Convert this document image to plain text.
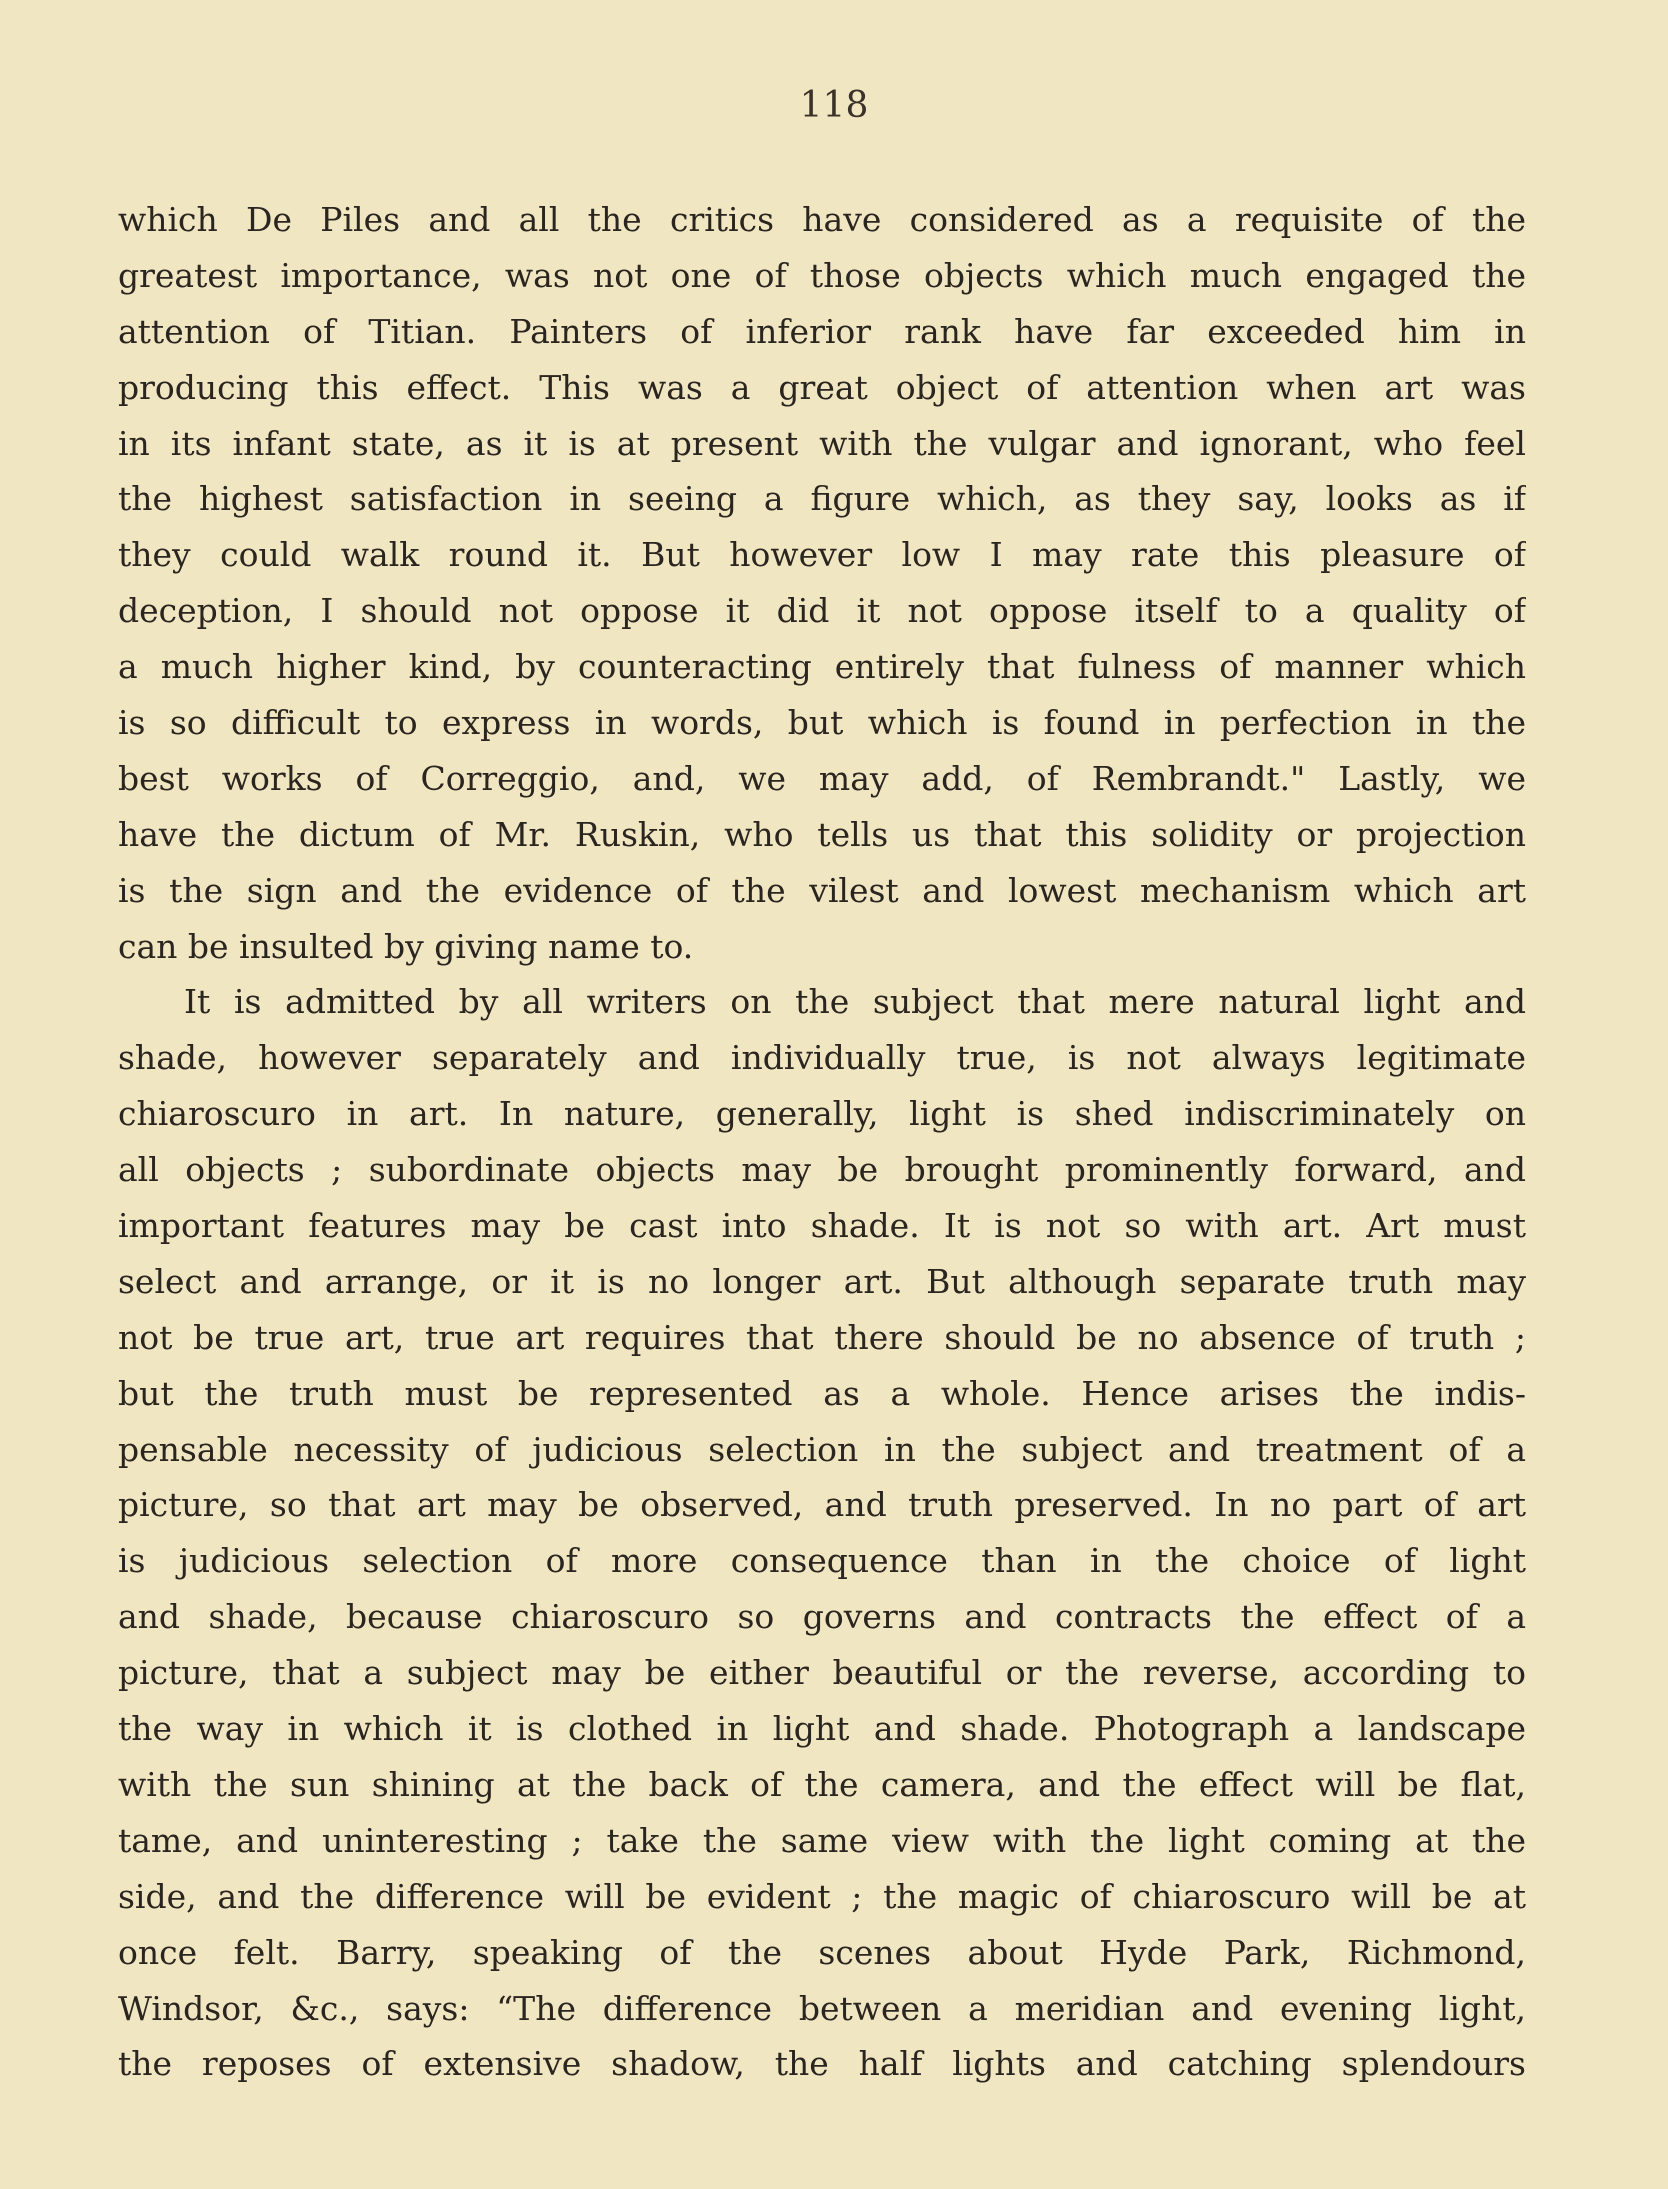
118
which De Piles and all the critics have considered as a requisite of the
greatest importance, was not one of those objects which much engaged the
attention of Titian. Painters of inferior rank have far exceeded him in
producing this effect. This was a great object of attention when art was
in its infant state, as it is at present with the vulgar and ignorant, who feel
the highest satisfaction in seeing a figure which, as they say, looks as if
they could walk round it. But however low I may rate this pleasure of
deception, I should not oppose it did it not oppose itself to a quality of
a much higher kind, by counteracting entirely that fulness of manner which
is so difficult to express in words, but which is found in perfection in the
best works of Correggio, and, we may add, of Rembrandt." Lastly, we
have the dictum of Mr. Ruskin, who tells us that this solidity or projection
is the sign and the evidence of the vilest and lowest mechanism which art
can be insulted by giving name to.
It is admitted by all writers on the subject that mere natural light and
shade, however separately and individually true, is not always legitimate
chiaroscuro in art. In nature, generally, light is shed indiscriminately on
all objects ; subordinate objects may be brought prominently forward, and
important features may be cast into shade. It is not so with art. Art must
select and arrange, or it is no longer art. But although separate truth may
not be true art, true art requires that there should be no absence of truth ;
but the truth must be represented as a whole. Hence arises the indis-
pensable necessity of judicious selection in the subject and treatment of a
picture, so that art may be observed, and truth preserved. In no part of art
is judicious selection of more consequence than in the choice of light
and shade, because chiaroscuro so governs and contracts the effect of a
picture, that a subject may be either beautiful or the reverse, according to
the way in which it is clothed in light and shade. Photograph a landscape
with the sun shining at the back of the camera, and the effect will be flat,
tame, and uninteresting ; take the same view with the light coming at the
side, and the difference will be evident ; the magic of chiaroscuro will be at
once felt. Barry, speaking of the scenes about Hyde Park, Richmond,
Windsor, &c., says: “The difference between a meridian and evening light,
the reposes of extensive shadow, the half lights and catching splendours
